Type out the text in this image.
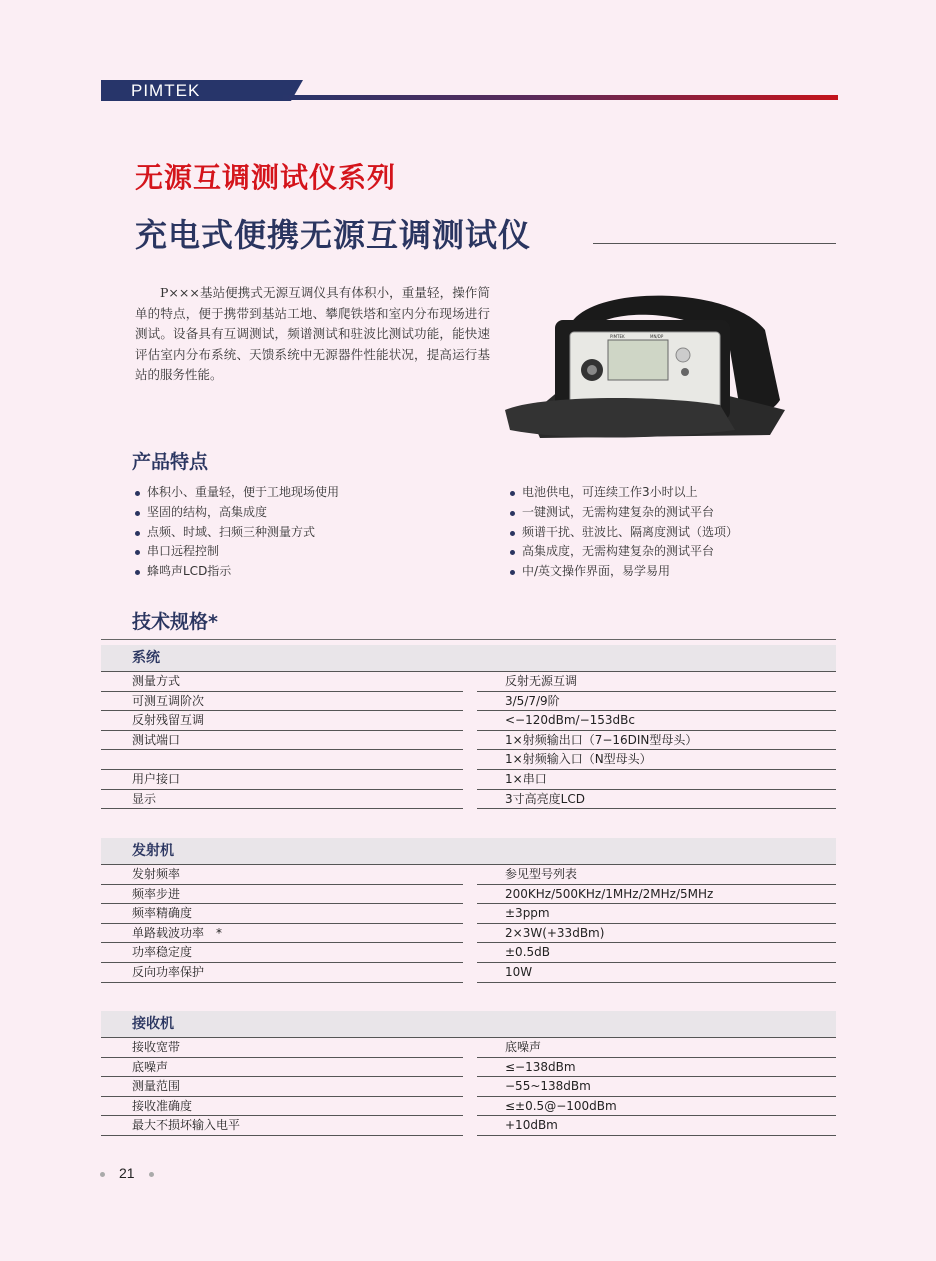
PIMTEK
无源互调测试仪系列
充电式便携无源互调测试仪

P×××基站便携式无源互调仪具有体积小，重量轻，操作简单的特点，便于携带到基站工地、攀爬铁塔和室内分布现场进行测试。设备具有互调测试，频谱测试和驻波比测试功能，能快速评估室内分布系统、天馈系统中无源器件性能状况，提高运行基站的服务性能。

PIMTEK	MN/DP
产品特点
体积小、重量轻，便于工地现场使用
坚固的结构，高集成度
点频、时域、扫频三种测量方式
串口远程控制
蜂鸣声LCD指示
电池供电，可连续工作3小时以上
一键测试，无需构建复杂的测试平台
频谱干扰、驻波比、隔离度测试（选项）
高集成度，无需构建复杂的测试平台
中/英文操作界面，易学易用
技术规格*
系统
测量方式	反射无源互调
可测互调阶次	3/5/7/9阶
反射残留互调	<−120dBm/−153dBc
测试端口	1×射频输出口（7−16DIN型母头）
1×射频输入口（N型母头）
用户接口	1×串口
显示	3寸高亮度LCD
发射机
发射频率	参见型号列表
频率步进	200KHz/500KHz/1MHz/2MHz/5MHz
频率精确度	±3ppm
单路载波功率　*	2×3W(+33dBm)
功率稳定度	±0.5dB
反向功率保护	10W
接收机
接收宽带	底噪声
底噪声	≤−138dBm
测量范围	−55~138dBm
接收准确度	≤±0.5@−100dBm
最大不损坏输入电平	+10dBm
21
